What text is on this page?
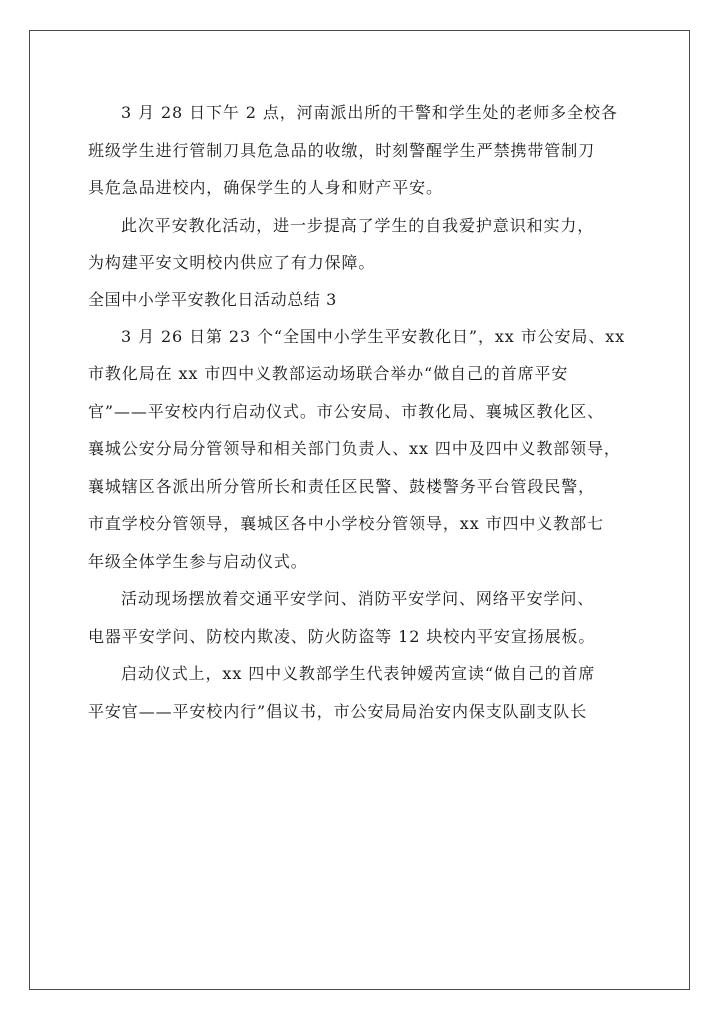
3 月 28 日下午 2 点，河南派出所的干警和学生处的老师多全校各
班级学生进行管制刀具危急品的收缴，时刻警醒学生严禁携带管制刀
具危急品进校内，确保学生的人身和财产平安。
此次平安教化活动，进一步提高了学生的自我爱护意识和实力，
为构建平安文明校内供应了有力保障。
全国中小学平安教化日活动总结 3
3 月 26 日第 23 个“全国中小学生平安教化日”，xx 市公安局、xx
市教化局在 xx 市四中义教部运动场联合举办“做自己的首席平安
官”——平安校内行启动仪式。市公安局、市教化局、襄城区教化区、
襄城公安分局分管领导和相关部门负责人、xx 四中及四中义教部领导，
襄城辖区各派出所分管所长和责任区民警、鼓楼警务平台管段民警，
市直学校分管领导，襄城区各中小学校分管领导，xx 市四中义教部七
年级全体学生参与启动仪式。
活动现场摆放着交通平安学问、消防平安学问、网络平安学问、
电器平安学问、防校内欺凌、防火防盗等 12 块校内平安宣扬展板。
启动仪式上，xx 四中义教部学生代表钟嫒芮宣读“做自己的首席
平安官——平安校内行”倡议书，市公安局局治安内保支队副支队长
